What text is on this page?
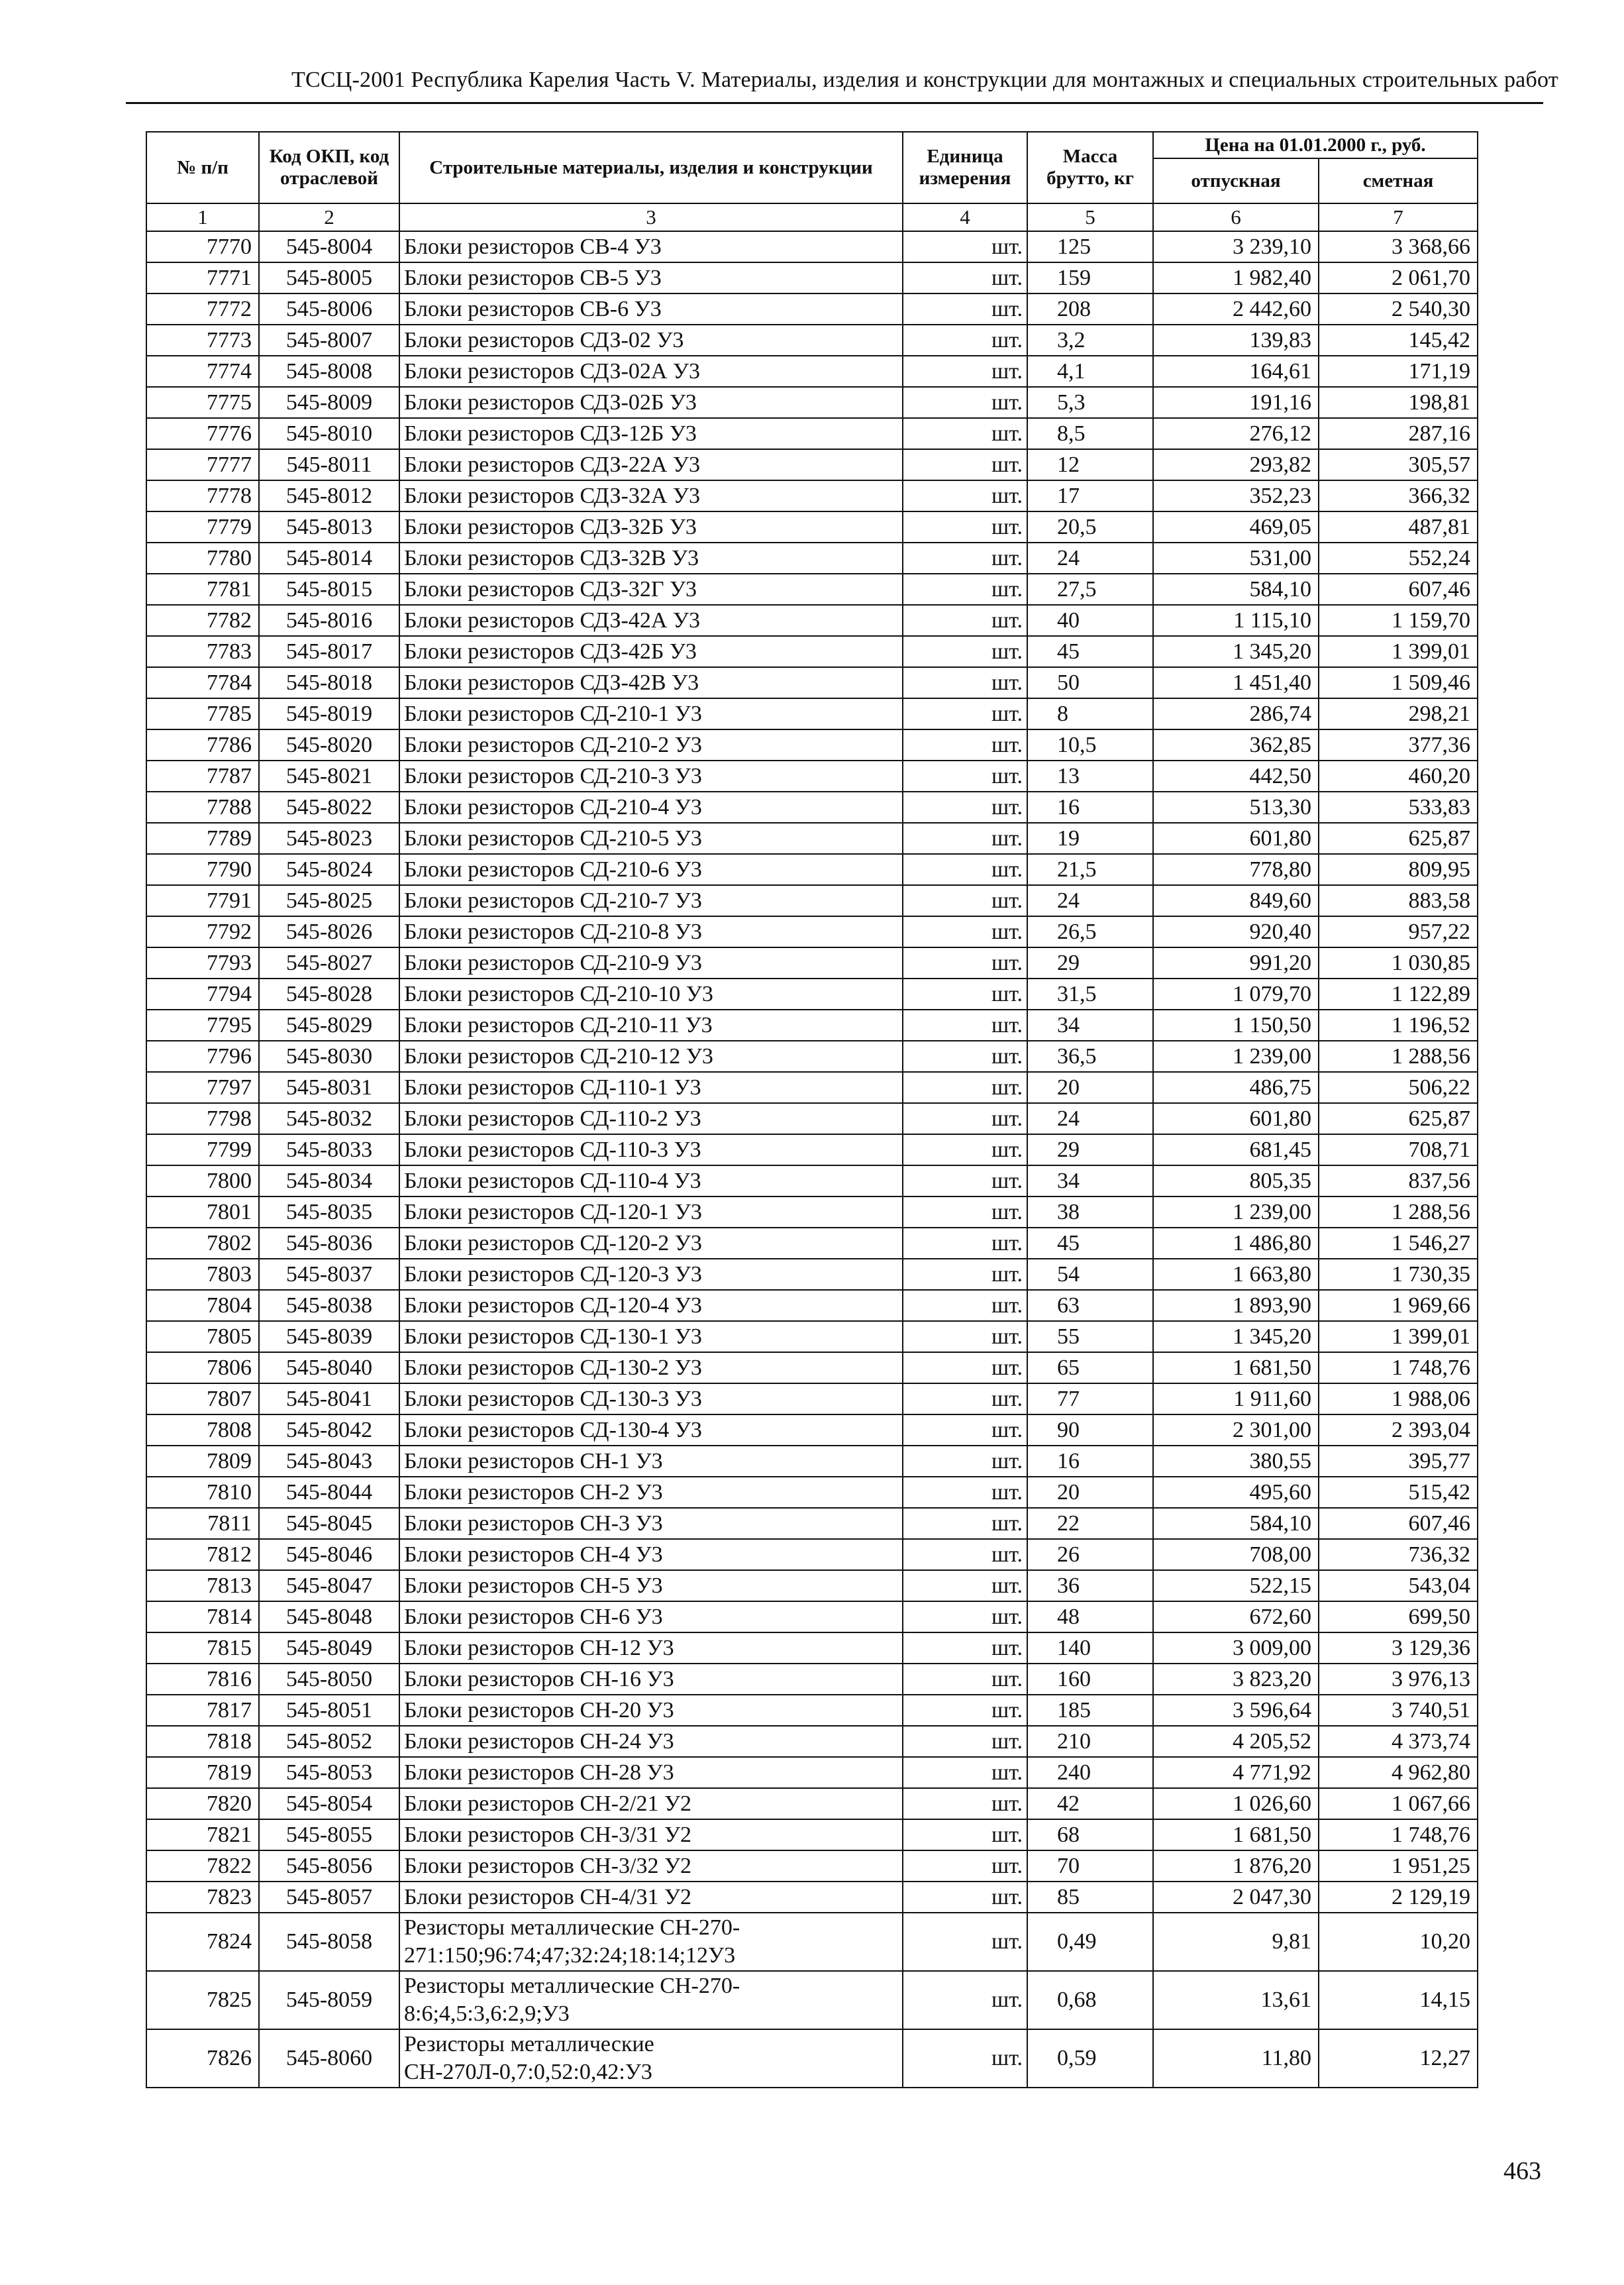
ТССЦ-2001 Республика Карелия Часть V. Материалы, изделия и конструкции для монтажных и специальных строительных работ
№ п/п	Код ОКП, код отраслевой	Строительные материалы, изделия и конструкции	Единица измерения	Масса брутто, кг	Цена на 01.01.2000 г., руб.	
					отпускная	сметная
1	2	3	4	5	6	7
7770	545-8004	Блоки резисторов СВ-4 У3	шт.	125	3 239,10	3 368,66
7771	545-8005	Блоки резисторов СВ-5 У3	шт.	159	1 982,40	2 061,70
7772	545-8006	Блоки резисторов СВ-6 У3	шт.	208	2 442,60	2 540,30
7773	545-8007	Блоки резисторов СДЗ-02 У3	шт.	3,2	139,83	145,42
7774	545-8008	Блоки резисторов СДЗ-02А У3	шт.	4,1	164,61	171,19
7775	545-8009	Блоки резисторов СДЗ-02Б У3	шт.	5,3	191,16	198,81
7776	545-8010	Блоки резисторов СДЗ-12Б У3	шт.	8,5	276,12	287,16
7777	545-8011	Блоки резисторов СДЗ-22А У3	шт.	12	293,82	305,57
7778	545-8012	Блоки резисторов СДЗ-32А У3	шт.	17	352,23	366,32
7779	545-8013	Блоки резисторов СДЗ-32Б У3	шт.	20,5	469,05	487,81
7780	545-8014	Блоки резисторов СДЗ-32В У3	шт.	24	531,00	552,24
7781	545-8015	Блоки резисторов СДЗ-32Г У3	шт.	27,5	584,10	607,46
7782	545-8016	Блоки резисторов СДЗ-42А У3	шт.	40	1 115,10	1 159,70
7783	545-8017	Блоки резисторов СДЗ-42Б У3	шт.	45	1 345,20	1 399,01
7784	545-8018	Блоки резисторов СДЗ-42В У3	шт.	50	1 451,40	1 509,46
7785	545-8019	Блоки резисторов СД-210-1 У3	шт.	8	286,74	298,21
7786	545-8020	Блоки резисторов СД-210-2 У3	шт.	10,5	362,85	377,36
7787	545-8021	Блоки резисторов СД-210-3 У3	шт.	13	442,50	460,20
7788	545-8022	Блоки резисторов СД-210-4 У3	шт.	16	513,30	533,83
7789	545-8023	Блоки резисторов СД-210-5 У3	шт.	19	601,80	625,87
7790	545-8024	Блоки резисторов СД-210-6 У3	шт.	21,5	778,80	809,95
7791	545-8025	Блоки резисторов СД-210-7 У3	шт.	24	849,60	883,58
7792	545-8026	Блоки резисторов СД-210-8 У3	шт.	26,5	920,40	957,22
7793	545-8027	Блоки резисторов СД-210-9 У3	шт.	29	991,20	1 030,85
7794	545-8028	Блоки резисторов СД-210-10 У3	шт.	31,5	1 079,70	1 122,89
7795	545-8029	Блоки резисторов СД-210-11 У3	шт.	34	1 150,50	1 196,52
7796	545-8030	Блоки резисторов СД-210-12 У3	шт.	36,5	1 239,00	1 288,56
7797	545-8031	Блоки резисторов СД-110-1 У3	шт.	20	486,75	506,22
7798	545-8032	Блоки резисторов СД-110-2 У3	шт.	24	601,80	625,87
7799	545-8033	Блоки резисторов СД-110-3 У3	шт.	29	681,45	708,71
7800	545-8034	Блоки резисторов СД-110-4 У3	шт.	34	805,35	837,56
7801	545-8035	Блоки резисторов СД-120-1 У3	шт.	38	1 239,00	1 288,56
7802	545-8036	Блоки резисторов СД-120-2 У3	шт.	45	1 486,80	1 546,27
7803	545-8037	Блоки резисторов СД-120-3 У3	шт.	54	1 663,80	1 730,35
7804	545-8038	Блоки резисторов СД-120-4 У3	шт.	63	1 893,90	1 969,66
7805	545-8039	Блоки резисторов СД-130-1 У3	шт.	55	1 345,20	1 399,01
7806	545-8040	Блоки резисторов СД-130-2 У3	шт.	65	1 681,50	1 748,76
7807	545-8041	Блоки резисторов СД-130-3 У3	шт.	77	1 911,60	1 988,06
7808	545-8042	Блоки резисторов СД-130-4 У3	шт.	90	2 301,00	2 393,04
7809	545-8043	Блоки резисторов СН-1 У3	шт.	16	380,55	395,77
7810	545-8044	Блоки резисторов СН-2 У3	шт.	20	495,60	515,42
7811	545-8045	Блоки резисторов СН-3 У3	шт.	22	584,10	607,46
7812	545-8046	Блоки резисторов СН-4 У3	шт.	26	708,00	736,32
7813	545-8047	Блоки резисторов СН-5 У3	шт.	36	522,15	543,04
7814	545-8048	Блоки резисторов СН-6 У3	шт.	48	672,60	699,50
7815	545-8049	Блоки резисторов СН-12 У3	шт.	140	3 009,00	3 129,36
7816	545-8050	Блоки резисторов СН-16 У3	шт.	160	3 823,20	3 976,13
7817	545-8051	Блоки резисторов СН-20 У3	шт.	185	3 596,64	3 740,51
7818	545-8052	Блоки резисторов СН-24 У3	шт.	210	4 205,52	4 373,74
7819	545-8053	Блоки резисторов СН-28 У3	шт.	240	4 771,92	4 962,80
7820	545-8054	Блоки резисторов СН-2/21 У2	шт.	42	1 026,60	1 067,66
7821	545-8055	Блоки резисторов СН-3/31 У2	шт.	68	1 681,50	1 748,76
7822	545-8056	Блоки резисторов СН-3/32 У2	шт.	70	1 876,20	1 951,25
7823	545-8057	Блоки резисторов СН-4/31 У2	шт.	85	2 047,30	2 129,19
7824	545-8058	Резисторы металлические СН-270-271:150;96:74;47;32:24;18:14;12У3	шт.	0,49	9,81	10,20
7825	545-8059	Резисторы металлические СН-270-8:6;4,5:3,6:2,9;У3	шт.	0,68	13,61	14,15
7826	545-8060	Резисторы металлические СН-270Л-0,7:0,52:0,42:У3	шт.	0,59	11,80	12,27
463
